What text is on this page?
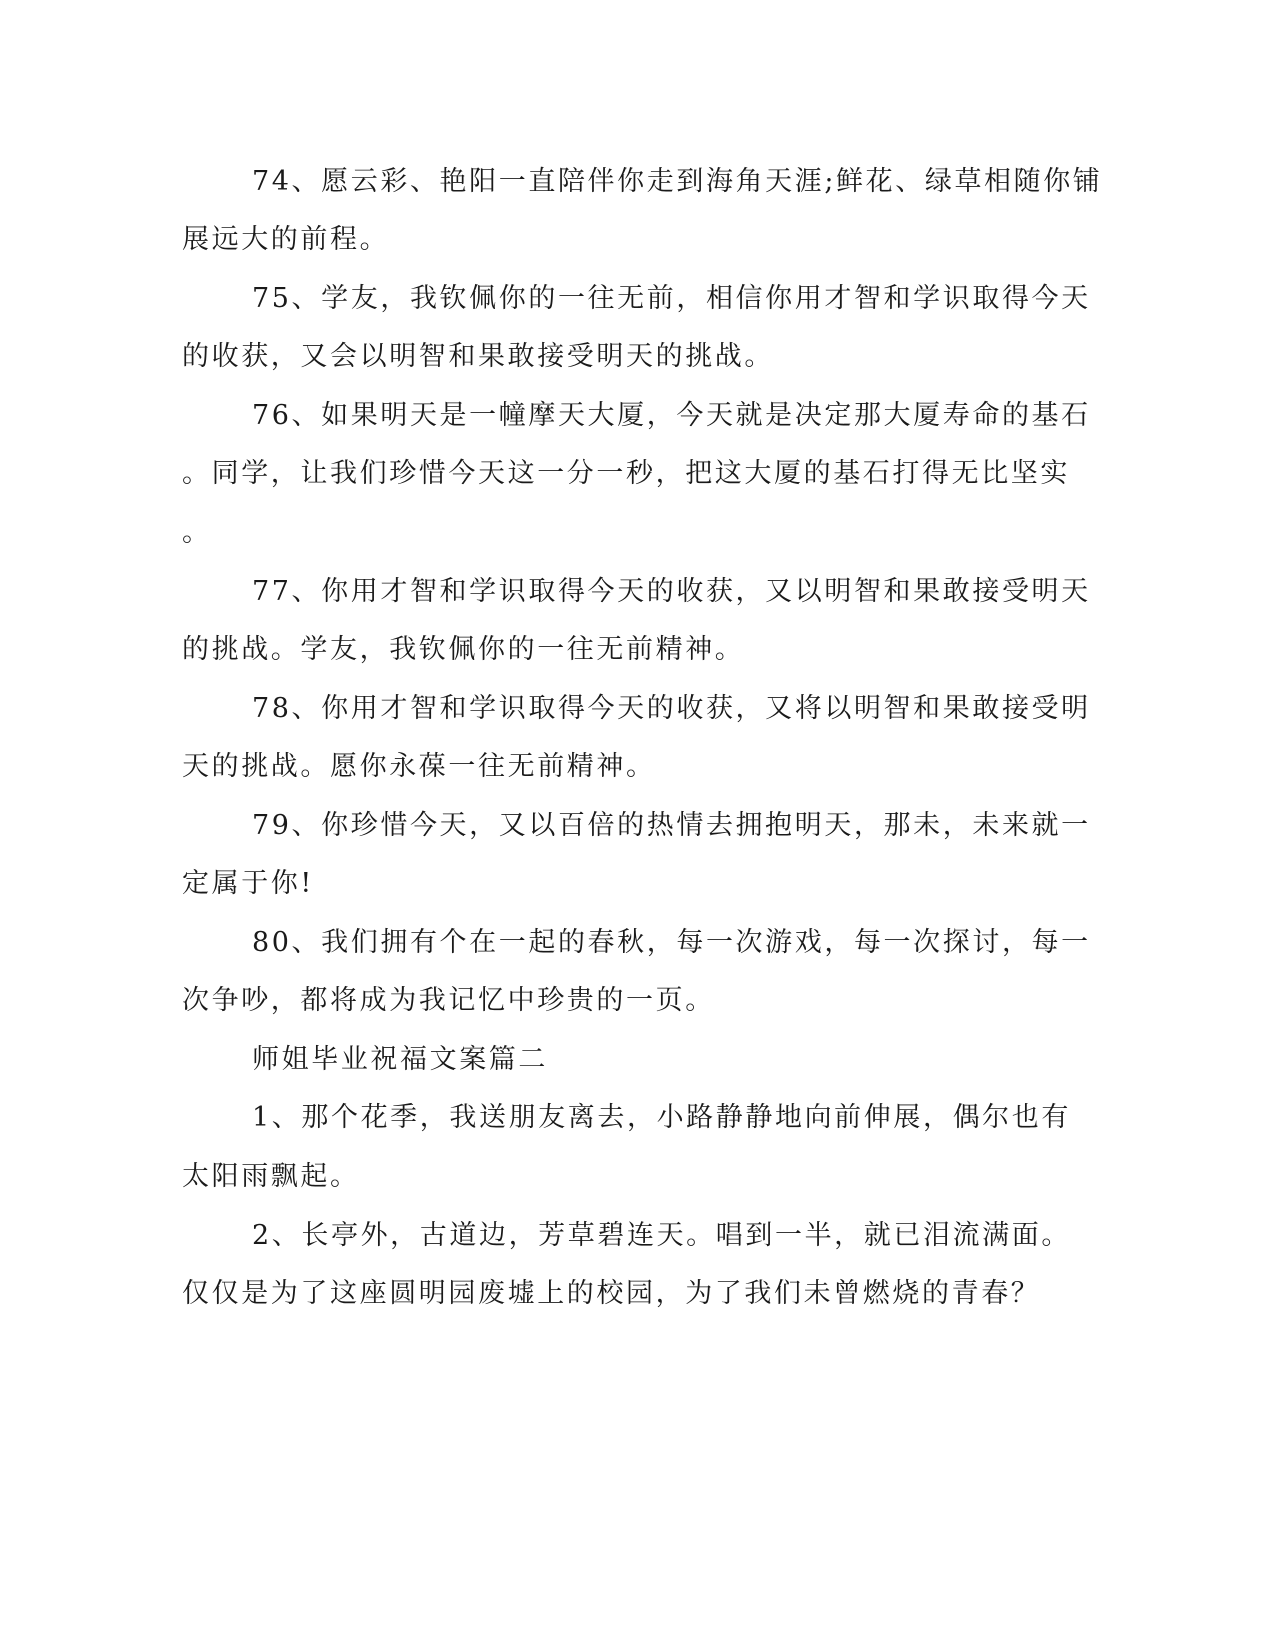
74、愿云彩、艳阳一直陪伴你走到海角天涯;鲜花、绿草相随你铺
展远大的前程。
75、学友，我钦佩你的一往无前，相信你用才智和学识取得今天
的收获，又会以明智和果敢接受明天的挑战。
76、如果明天是一幢摩天大厦，今天就是决定那大厦寿命的基石
。同学，让我们珍惜今天这一分一秒，把这大厦的基石打得无比坚实
。
77、你用才智和学识取得今天的收获，又以明智和果敢接受明天
的挑战。学友，我钦佩你的一往无前精神。
78、你用才智和学识取得今天的收获，又将以明智和果敢接受明
天的挑战。愿你永葆一往无前精神。
79、你珍惜今天，又以百倍的热情去拥抱明天，那未，未来就一
定属于你!
80、我们拥有个在一起的春秋，每一次游戏，每一次探讨，每一
次争吵，都将成为我记忆中珍贵的一页。
师姐毕业祝福文案篇二
1、那个花季，我送朋友离去，小路静静地向前伸展，偶尔也有
太阳雨飘起。
2、长亭外，古道边，芳草碧连天。唱到一半，就已泪流满面。
仅仅是为了这座圆明园废墟上的校园，为了我们未曾燃烧的青春？
